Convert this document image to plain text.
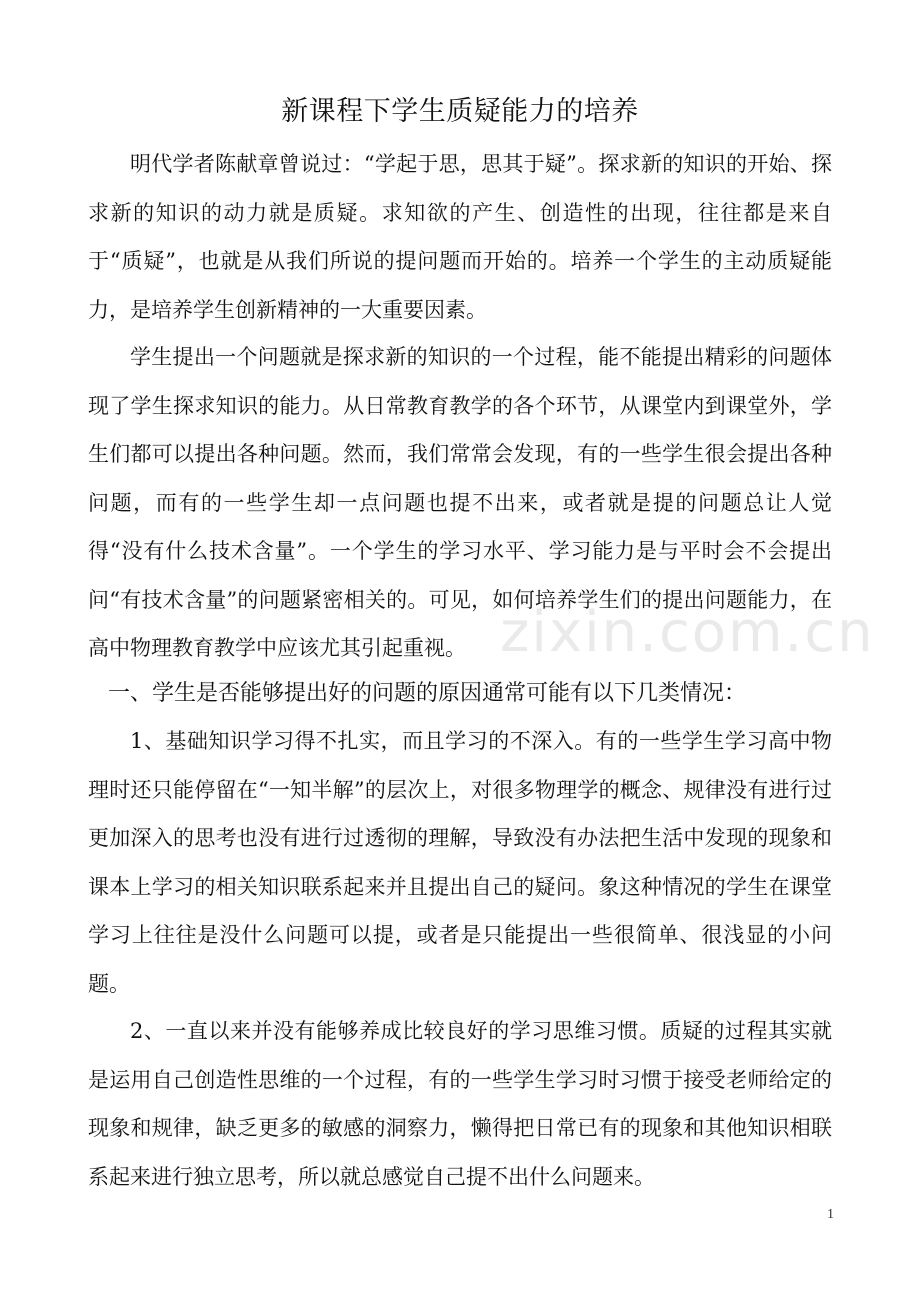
新课程下学生质疑能力的培养

明代学者陈献章曾说过：“学起于思，思其于疑”。探求新的知识的开始、探求新的知识的动力就是质疑。求知欲的产生、创造性的出现，往往都是来自于“质疑”，也就是从我们所说的提问题而开始的。培养一个学生的主动质疑能力，是培养学生创新精神的一大重要因素。

学生提出一个问题就是探求新的知识的一个过程，能不能提出精彩的问题体现了学生探求知识的能力。从日常教育教学的各个环节，从课堂内到课堂外，学生们都可以提出各种问题。然而，我们常常会发现，有的一些学生很会提出各种问题，而有的一些学生却一点问题也提不出来，或者就是提的问题总让人觉得“没有什么技术含量”。一个学生的学习水平、学习能力是与平时会不会提出问“有技术含量”的问题紧密相关的。可见，如何培养学生们的提出问题能力，在高中物理教育教学中应该尤其引起重视。

一、学生是否能够提出好的问题的原因通常可能有以下几类情况：

1、基础知识学习得不扎实，而且学习的不深入。有的一些学生学习高中物理时还只能停留在“一知半解”的层次上，对很多物理学的概念、规律没有进行过更加深入的思考也没有进行过透彻的理解，导致没有办法把生活中发现的现象和课本上学习的相关知识联系起来并且提出自己的疑问。象这种情况的学生在课堂学习上往往是没什么问题可以提，或者是只能提出一些很简单、很浅显的小问题。

2、一直以来并没有能够养成比较良好的学习思维习惯。质疑的过程其实就是运用自己创造性思维的一个过程，有的一些学生学习时习惯于接受老师给定的现象和规律，缺乏更多的敏感的洞察力，懒得把日常已有的现象和其他知识相联系起来进行独立思考，所以就总感觉自己提不出什么问题来。

zixin.com.cn
1
